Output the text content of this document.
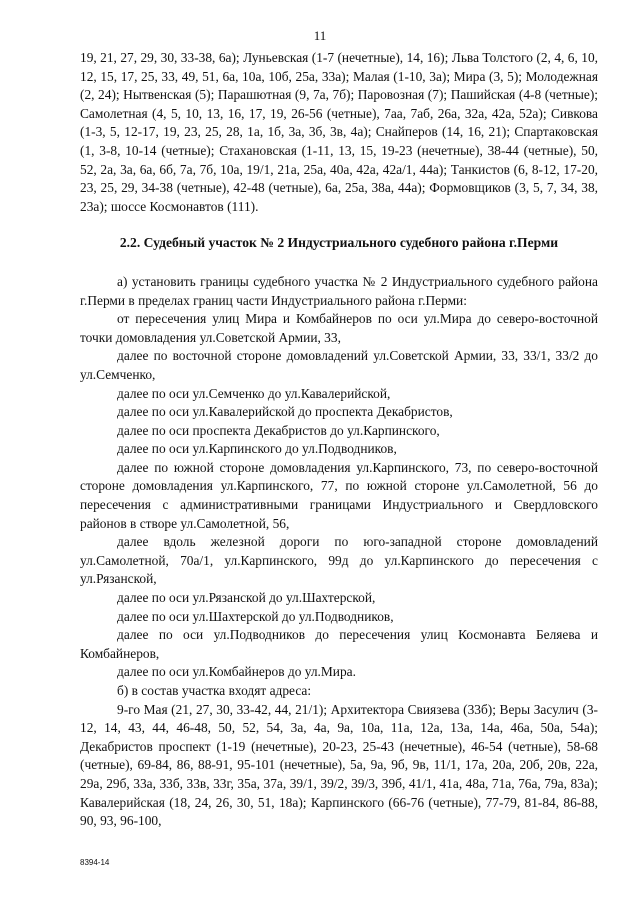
11

19, 21, 27, 29, 30, 33-38, 6а); Луньевская (1-7 (нечетные), 14, 16); Льва Толстого (2, 4, 6, 10, 12, 15, 17, 25, 33, 49, 51, 6а, 10а, 10б, 25а, 33а); Малая (1-10, 3а); Мира (3, 5); Молодежная (2, 24); Нытвенская (5); Парашютная (9, 7а, 7б); Паровозная (7); Пашийская (4-8 (четные); Самолетная (4, 5, 10, 13, 16, 17, 19, 26-56 (четные), 7аа, 7аб, 26а, 32а, 42а, 52а); Сивкова (1-3, 5, 12-17, 19, 23, 25, 28, 1а, 1б, 3а, 3б, 3в, 4а); Снайперов (14, 16, 21); Спартаковская (1, 3-8, 10-14 (четные); Стахановская (1-11, 13, 15, 19-23 (нечетные), 38-44 (четные), 50, 52, 2а, 3а, 6а, 6б, 7а, 7б, 10а, 19/1, 21а, 25а, 40а, 42а, 42а/1, 44а); Танкистов (6, 8-12, 17-20, 23, 25, 29, 34-38 (четные), 42-48 (четные), 6а, 25а, 38а, 44а); Формовщиков (3, 5, 7, 34, 38, 23а); шоссе Космонавтов (111).

2.2. Судебный участок № 2 Индустриального судебного района г.Перми

а) установить границы судебного участка № 2 Индустриального судебного района г.Перми в пределах границ части Индустриального района г.Перми:

от пересечения улиц Мира и Комбайнеров по оси ул.Мира до северо-восточной точки домовладения ул.Советской Армии, 33,

далее по восточной стороне домовладений ул.Советской Армии, 33, 33/1, 33/2 до ул.Семченко,

далее по оси ул.Семченко до ул.Кавалерийской,

далее по оси ул.Кавалерийской до проспекта Декабристов,

далее по оси проспекта Декабристов до ул.Карпинского,

далее по оси ул.Карпинского до ул.Подводников,

далее по южной стороне домовладения ул.Карпинского, 73, по северо-восточной стороне домовладения ул.Карпинского, 77, по южной стороне ул.Самолетной, 56 до пересечения с административными границами Индустриального и Свердловского районов в створе ул.Самолетной, 56,

далее вдоль железной дороги по юго-западной стороне домовладений ул.Самолетной, 70а/1, ул.Карпинского, 99д до ул.Карпинского до пересечения с ул.Рязанской,

далее по оси ул.Рязанской до ул.Шахтерской,

далее по оси ул.Шахтерской до ул.Подводников,

далее по оси ул.Подводников до пересечения улиц Космонавта Беляева и Комбайнеров,

далее по оси ул.Комбайнеров до ул.Мира.

б) в состав участка входят адреса:

9-го Мая (21, 27, 30, 33-42, 44, 21/1); Архитектора Свиязева (33б); Веры Засулич (3-12, 14, 43, 44, 46-48, 50, 52, 54, 3а, 4а, 9а, 10а, 11а, 12а, 13а, 14а, 46а, 50а, 54а); Декабристов проспект (1-19 (нечетные), 20-23, 25-43 (нечетные), 46-54 (четные), 58-68 (четные), 69-84, 86, 88-91, 95-101 (нечетные), 5а, 9а, 9б, 9в, 11/1, 17а, 20а, 20б, 20в, 22а, 29а, 29б, 33а, 33б, 33в, 33г, 35а, 37а, 39/1, 39/2, 39/3, 39б, 41/1, 41а, 48а, 71а, 76а, 79а, 83а); Кавалерийская (18, 24, 26, 30, 51, 18а); Карпинского (66-76 (четные), 77-79, 81-84, 86-88, 90, 93, 96-100,

8394-14
